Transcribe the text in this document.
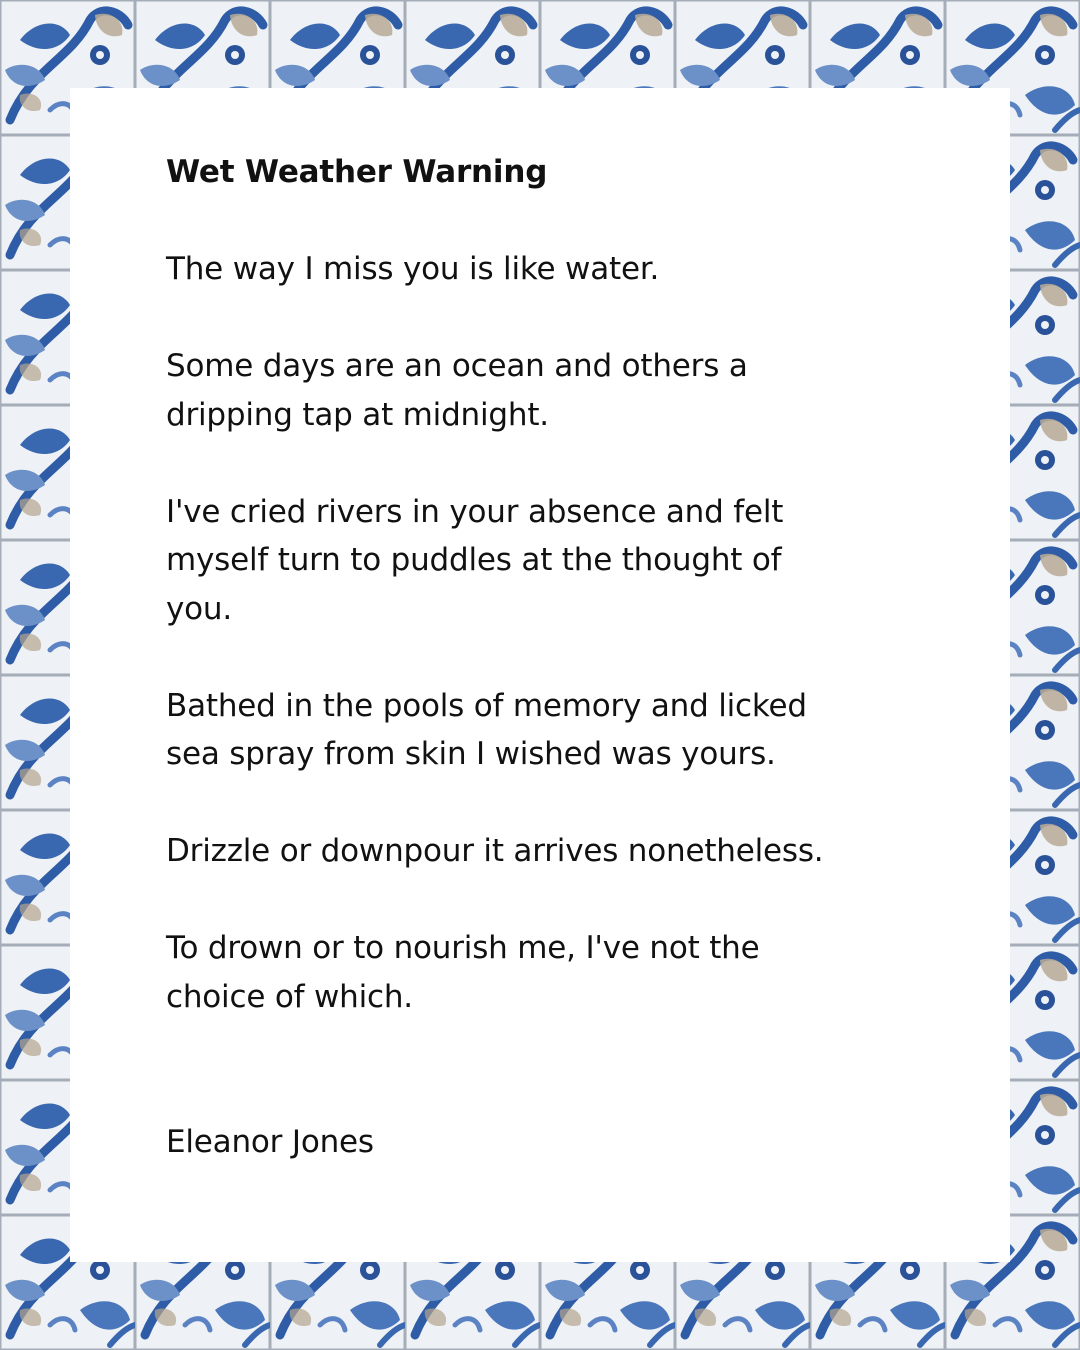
Wet Weather Warning
The way I miss you is like water.
Some days are an ocean and others a
dripping tap at midnight.
I've cried rivers in your absence and felt
myself turn to puddles at the thought of
you.
Bathed in the pools of memory and licked
sea spray from skin I wished was yours.
Drizzle or downpour it arrives nonetheless.
To drown or to nourish me, I've not the
choice of which.
Eleanor Jones
